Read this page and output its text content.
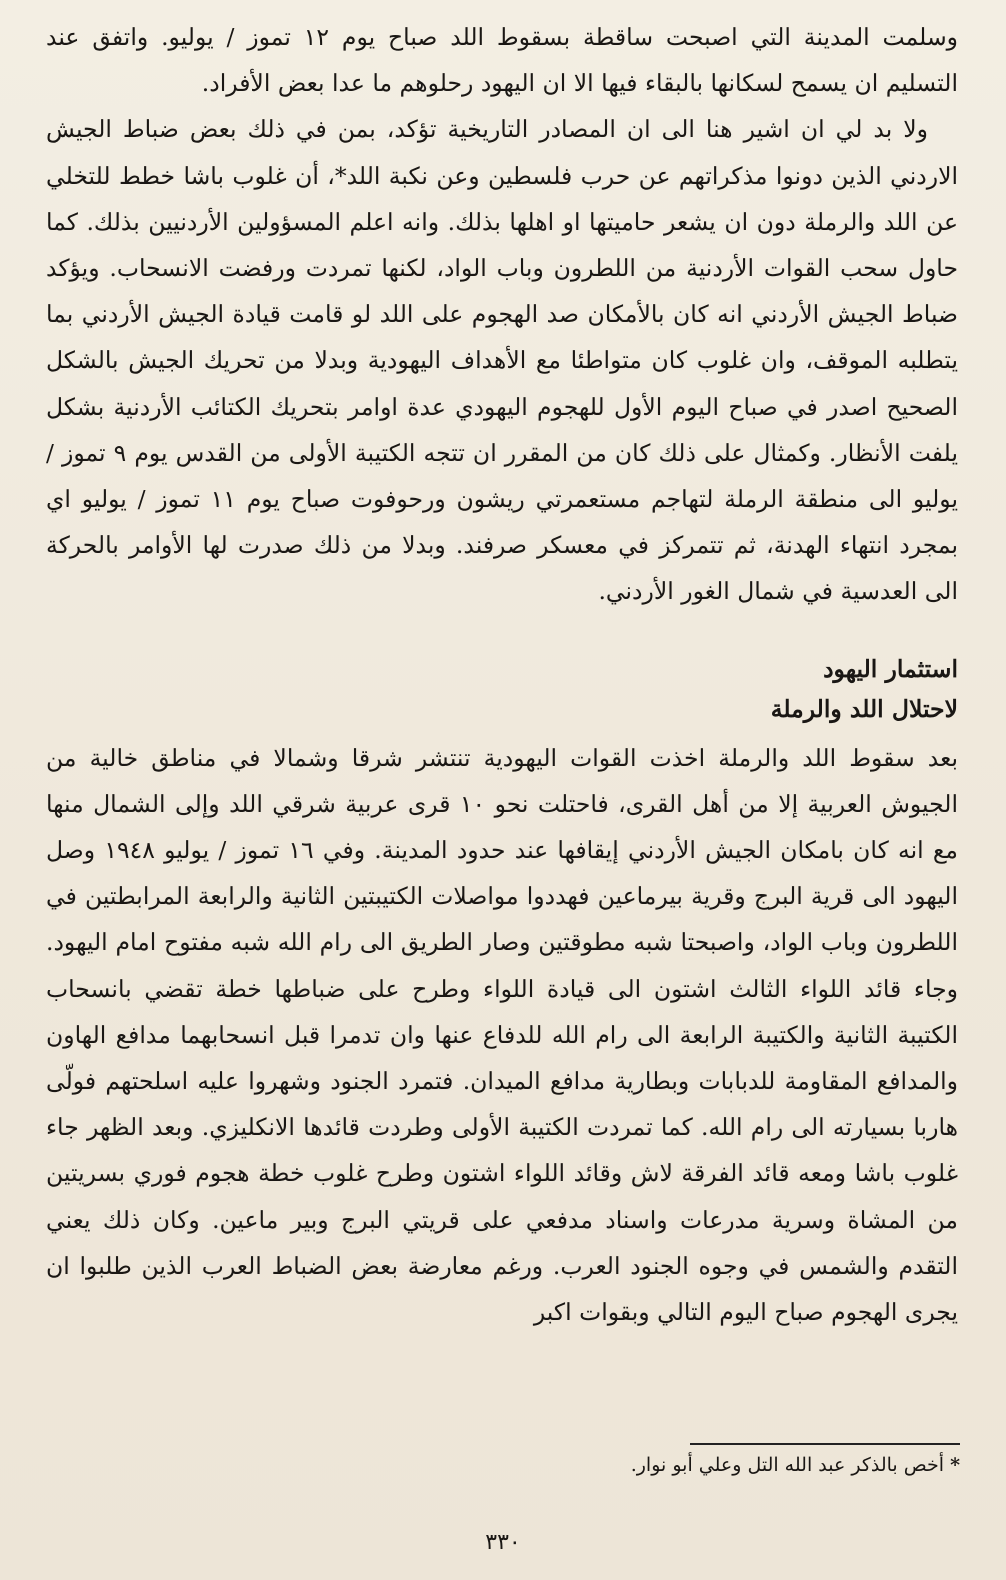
وسلمت المدينة التي اصبحت ساقطة بسقوط اللد صباح يوم ١٢ تموز / يوليو. واتفق عند التسليم ان يسمح لسكانها بالبقاء فيها الا ان اليهود رحلوهم ما عدا بعض الأفراد.

ولا بد لي ان اشير هنا الى ان المصادر التاريخية تؤكد، بمن في ذلك بعض ضباط الجيش الاردني الذين دونوا مذكراتهم عن حرب فلسطين وعن نكبة اللد*، أن غلوب باشا خطط للتخلي عن اللد والرملة دون ان يشعر حاميتها او اهلها بذلك. وانه اعلم المسؤولين الأردنيين بذلك. كما حاول سحب القوات الأردنية من اللطرون وباب الواد، لكنها تمردت ورفضت الانسحاب. ويؤكد ضباط الجيش الأردني انه كان بالأمكان صد الهجوم على اللد لو قامت قيادة الجيش الأردني بما يتطلبه الموقف، وان غلوب كان متواطئا مع الأهداف اليهودية وبدلا من تحريك الجيش بالشكل الصحيح اصدر في صباح اليوم الأول للهجوم اليهودي عدة اوامر بتحريك الكتائب الأردنية بشكل يلفت الأنظار. وكمثال على ذلك كان من المقرر ان تتجه الكتيبة الأولى من القدس يوم ٩ تموز / يوليو الى منطقة الرملة لتهاجم مستعمرتي ريشون ورحوفوت صباح يوم ١١ تموز / يوليو اي بمجرد انتهاء الهدنة، ثم تتمركز في معسكر صرفند. وبدلا من ذلك صدرت لها الأوامر بالحركة الى العدسية في شمال الغور الأردني.

استثمار اليهود
لاحتلال اللد والرملة

بعد سقوط اللد والرملة اخذت القوات اليهودية تنتشر شرقا وشمالا في مناطق خالية من الجيوش العربية إلا من أهل القرى، فاحتلت نحو ١٠ قرى عربية شرقي اللد وإلى الشمال منها مع انه كان بامكان الجيش الأردني إيقافها عند حدود المدينة. وفي ١٦ تموز / يوليو ١٩٤٨ وصل اليهود الى قرية البرج وقرية بيرماعين فهددوا مواصلات الكتيبتين الثانية والرابعة المرابطتين في اللطرون وباب الواد، واصبحتا شبه مطوقتين وصار الطريق الى رام الله شبه مفتوح امام اليهود. وجاء قائد اللواء الثالث اشتون الى قيادة اللواء وطرح على ضباطها خطة تقضي بانسحاب الكتيبة الثانية والكتيبة الرابعة الى رام الله للدفاع عنها وان تدمرا قبل انسحابهما مدافع الهاون والمدافع المقاومة للدبابات وبطارية مدافع الميدان. فتمرد الجنود وشهروا عليه اسلحتهم فولّى هاربا بسيارته الى رام الله. كما تمردت الكتيبة الأولى وطردت قائدها الانكليزي. وبعد الظهر جاء غلوب باشا ومعه قائد الفرقة لاش وقائد اللواء اشتون وطرح غلوب خطة هجوم فوري بسريتين من المشاة وسرية مدرعات واسناد مدفعي على قريتي البرج وبير ماعين. وكان ذلك يعني التقدم والشمس في وجوه الجنود العرب. ورغم معارضة بعض الضباط العرب الذين طلبوا ان يجرى الهجوم صباح اليوم التالي وبقوات اكبر

*أخص بالذكر عبد الله التل وعلي أبو نوار.
٣٣٠
